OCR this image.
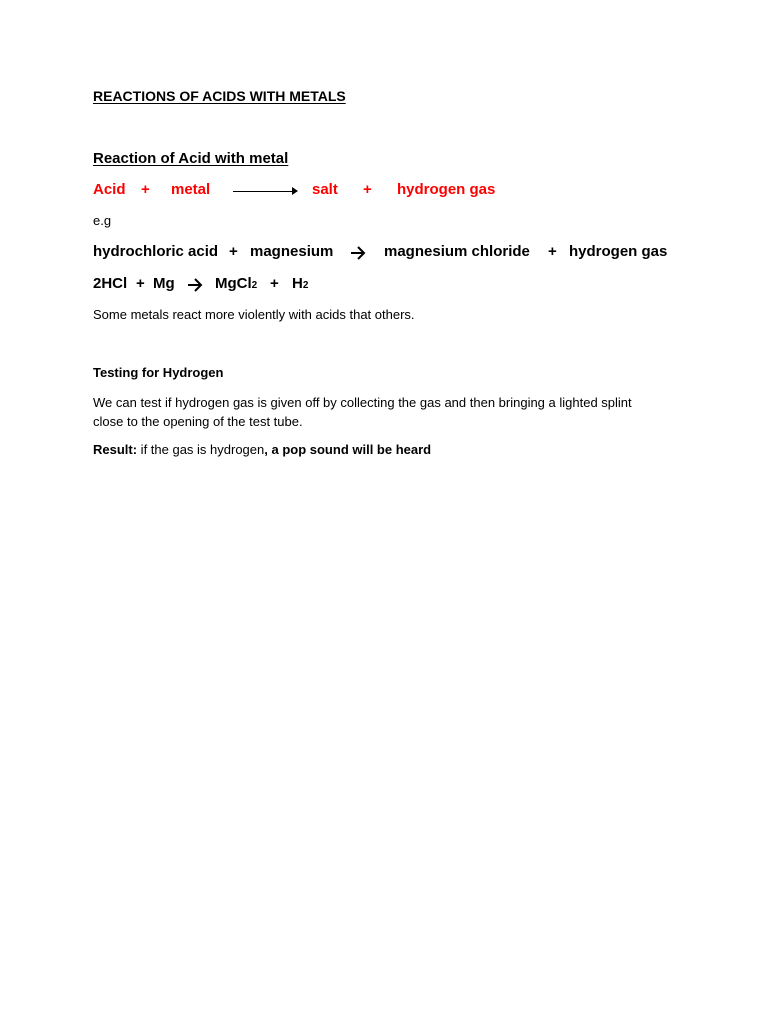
REACTIONS OF ACIDS WITH METALS
Reaction of Acid with metal
Acid + metal	salt + hydrogen gas
e.g
hydrochloric acid + magnesium	magnesium chloride + hydrogen gas
2HCl + Mg	MgCl2 + H2
Some metals react more violently with acids that others.
Testing for Hydrogen
We can test if hydrogen gas is given off by collecting the gas and then bringing a lighted splint close to the opening of the test tube.
Result: if the gas is hydrogen, a pop sound will be heard
